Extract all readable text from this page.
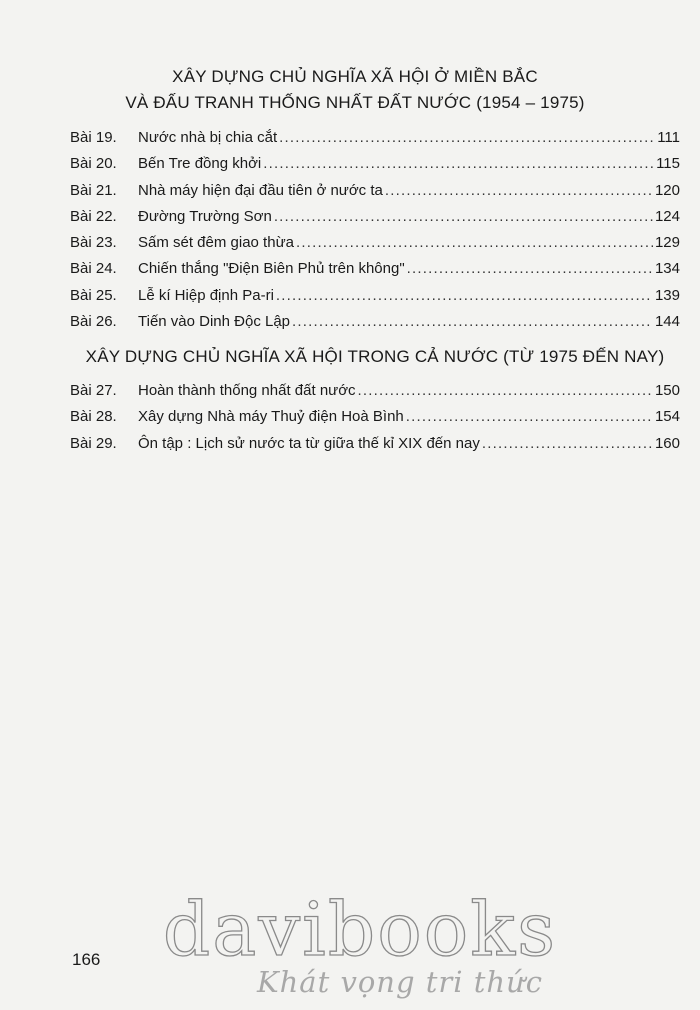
XÂY DỰNG CHỦ NGHĨA XÃ HỘI Ở MIỀN BẮC
VÀ ĐẤU TRANH THỐNG NHẤT ĐẤT NƯỚC (1954 – 1975)
Bài 19.	Nước nhà bị chia cắt .....	111
Bài 20.	Bến Tre đồng khởi .....	115
Bài 21.	Nhà máy hiện đại đầu tiên ở nước ta .....	120
Bài 22.	Đường Trường Sơn .....	124
Bài 23.	Sấm sét đêm giao thừa .....	129
Bài 24.	Chiến thắng "Điện Biên Phủ trên không" .....	134
Bài 25.	Lễ kí Hiệp định Pa-ri .....	139
Bài 26.	Tiến vào Dinh Độc Lập .....	144
XÂY DỰNG CHỦ NGHĨA XÃ HỘI TRONG CẢ NƯỚC (TỪ 1975 ĐẾN NAY)
Bài 27.	Hoàn thành thống nhất đất nước .....	150
Bài 28.	Xây dựng Nhà máy Thuỷ điện Hoà Bình .....	154
Bài 29.	Ôn tập : Lịch sử nước ta từ giữa thế kỉ XIX đến nay .....	160
166 davibooks
Khát vọng tri thức
